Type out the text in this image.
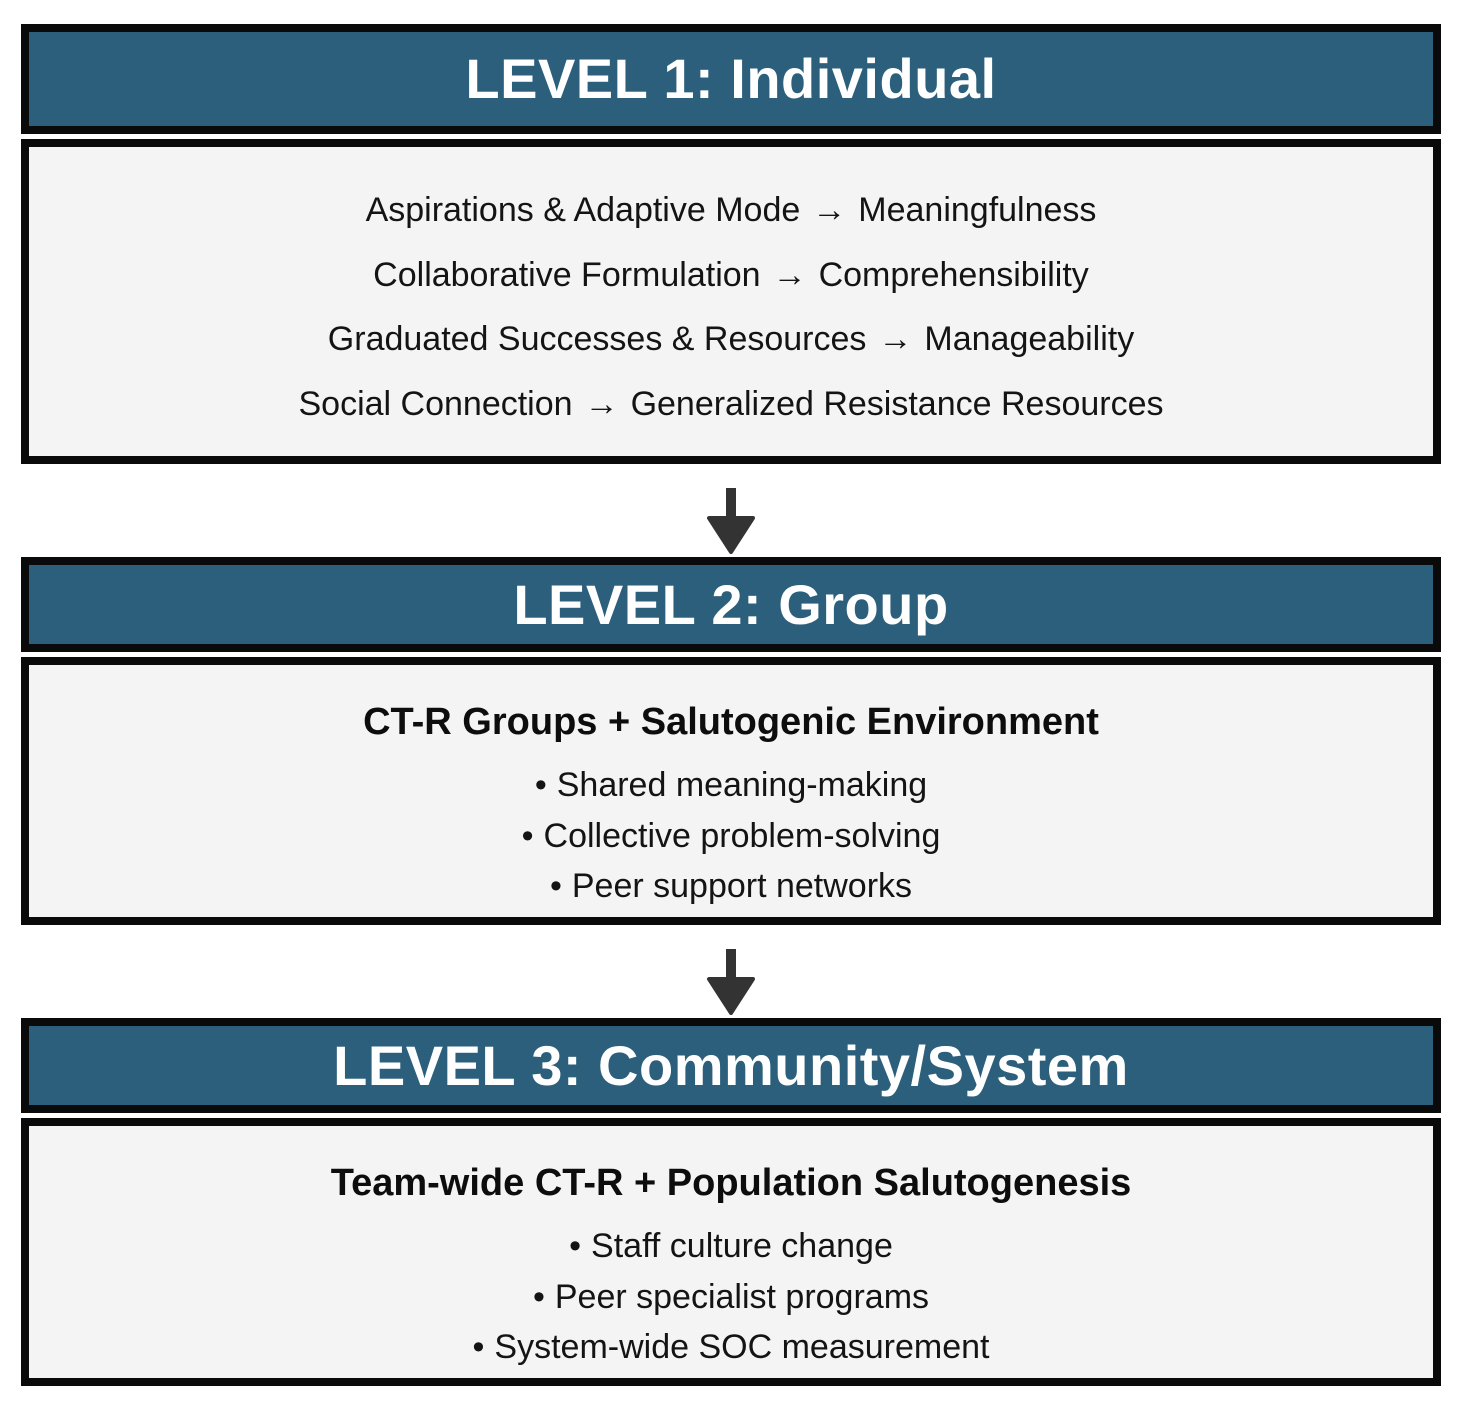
LEVEL 1: Individual
Aspirations & Adaptive Mode → Meaningfulness
Collaborative Formulation → Comprehensibility
Graduated Successes & Resources → Manageability
Social Connection → Generalized Resistance Resources
LEVEL 2: Group
CT-R Groups + Salutogenic Environment
• Shared meaning-making
• Collective problem-solving
• Peer support networks
LEVEL 3: Community/System
Team-wide CT-R + Population Salutogenesis
• Staff culture change
• Peer specialist programs
• System-wide SOC measurement
